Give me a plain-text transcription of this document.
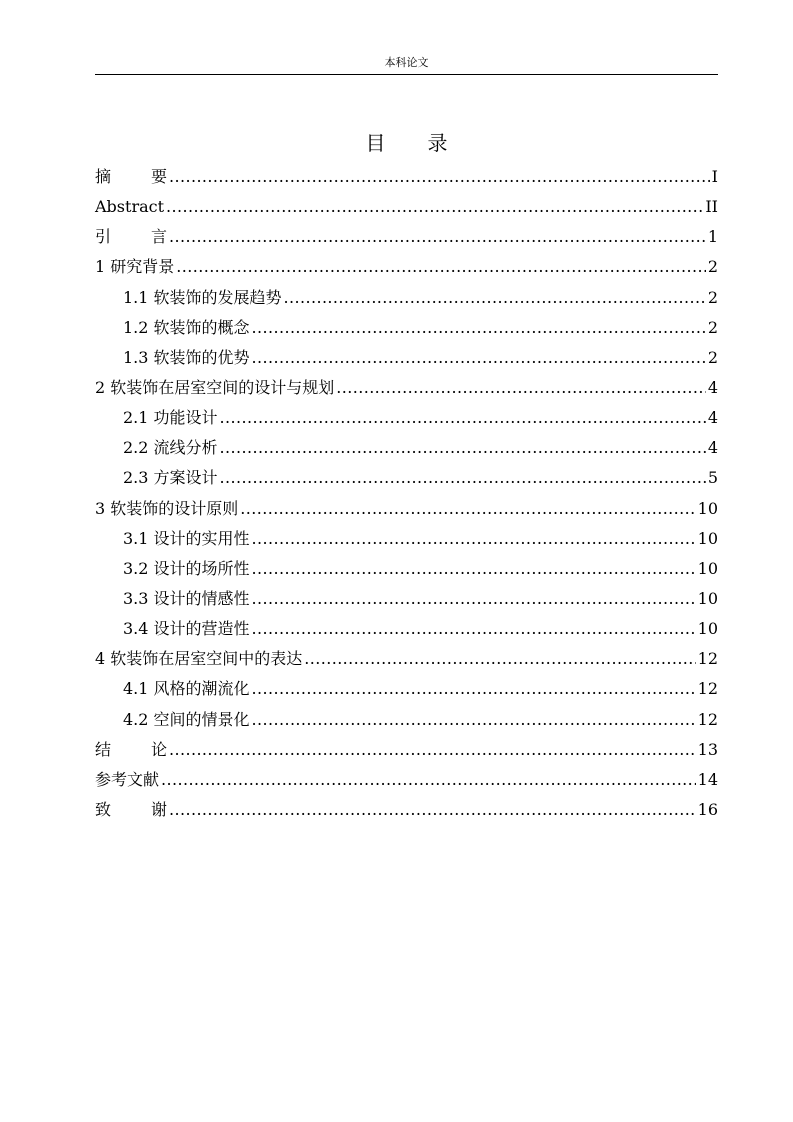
本科论文
目 录
摘要 .....	I
Abstract .....	II
引言 .....	1
1 研究背景 .....	2
1.1 软装饰的发展趋势 .....	2
1.2 软装饰的概念 .....	2
1.3 软装饰的优势 .....	2
2 软装饰在居室空间的设计与规划 .....	4
2.1 功能设计 .....	4
2.2 流线分析 .....	4
2.3 方案设计 .....	5
3 软装饰的设计原则 .....	10
3.1 设计的实用性 .....	10
3.2 设计的场所性 .....	10
3.3 设计的情感性 .....	10
3.4 设计的营造性 .....	10
4 软装饰在居室空间中的表达 .....	12
4.1 风格的潮流化 .....	12
4.2 空间的情景化 .....	12
结论 .....	13
参考文献 .....	14
致谢 .....	16
